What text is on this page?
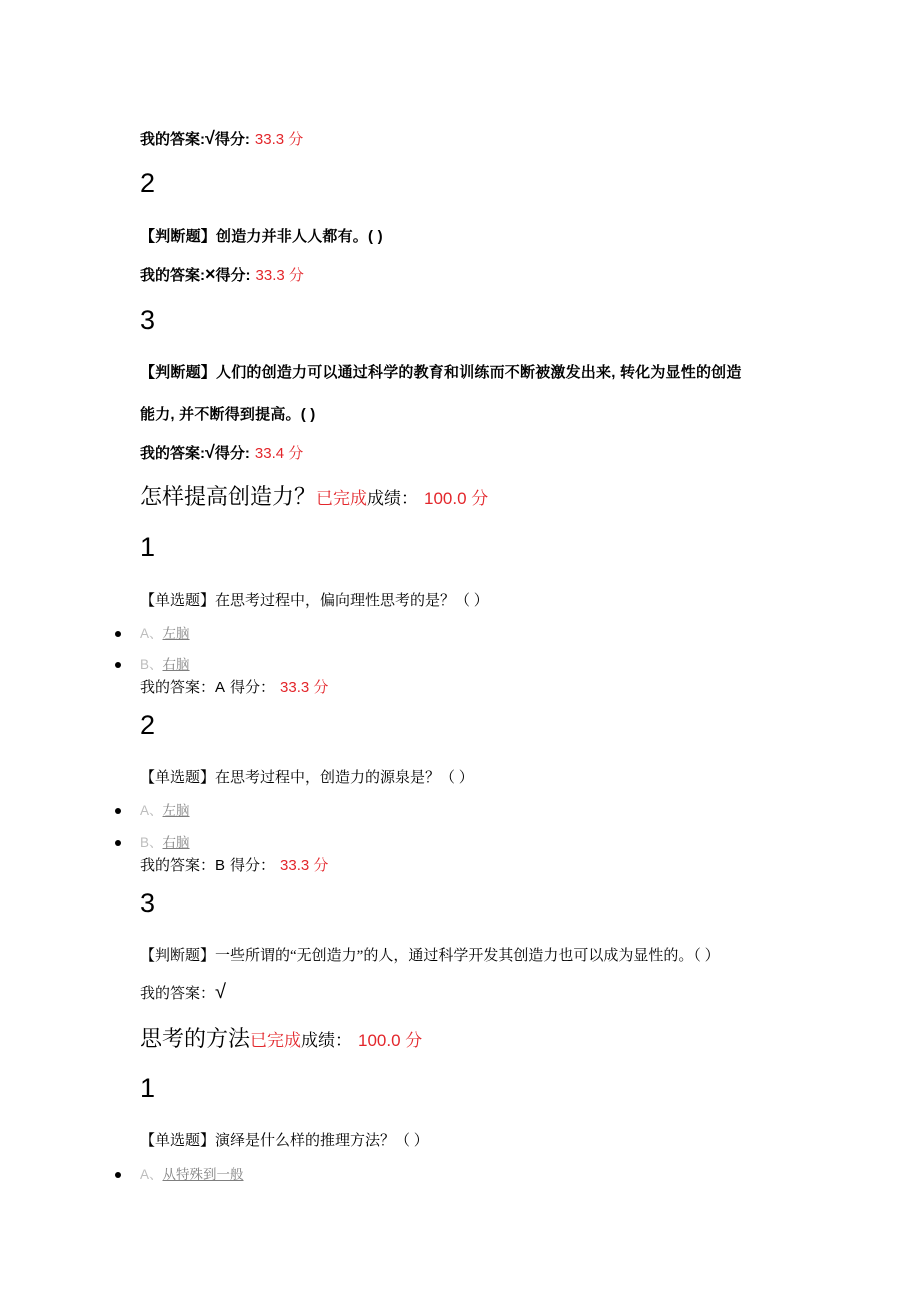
我的答案:√得分: 33.3 分
2
【判断题】创造力并非人人都有。( )
我的答案:×得分: 33.3 分
3
【判断题】人们的创造力可以通过科学的教育和训练而不断被激发出来, 转化为显性的创造
能力, 并不断得到提高。( )
我的答案:√得分: 33.4 分
怎样提高创造力？已完成成绩： 100.0 分
1
【单选题】在思考过程中，偏向理性思考的是？（ ）
A、左脑
B、右脑
我的答案：A 得分： 33.3 分
2
【单选题】在思考过程中，创造力的源泉是？（ ）
A、左脑
B、右脑
我的答案：B 得分： 33.3 分
3
【判断题】一些所谓的“无创造力”的人，通过科学开发其创造力也可以成为显性的。（ ）
我的答案：√
思考的方法已完成成绩： 100.0 分
1
【单选题】演绎是什么样的推理方法？（ ）
A、从特殊到一般
